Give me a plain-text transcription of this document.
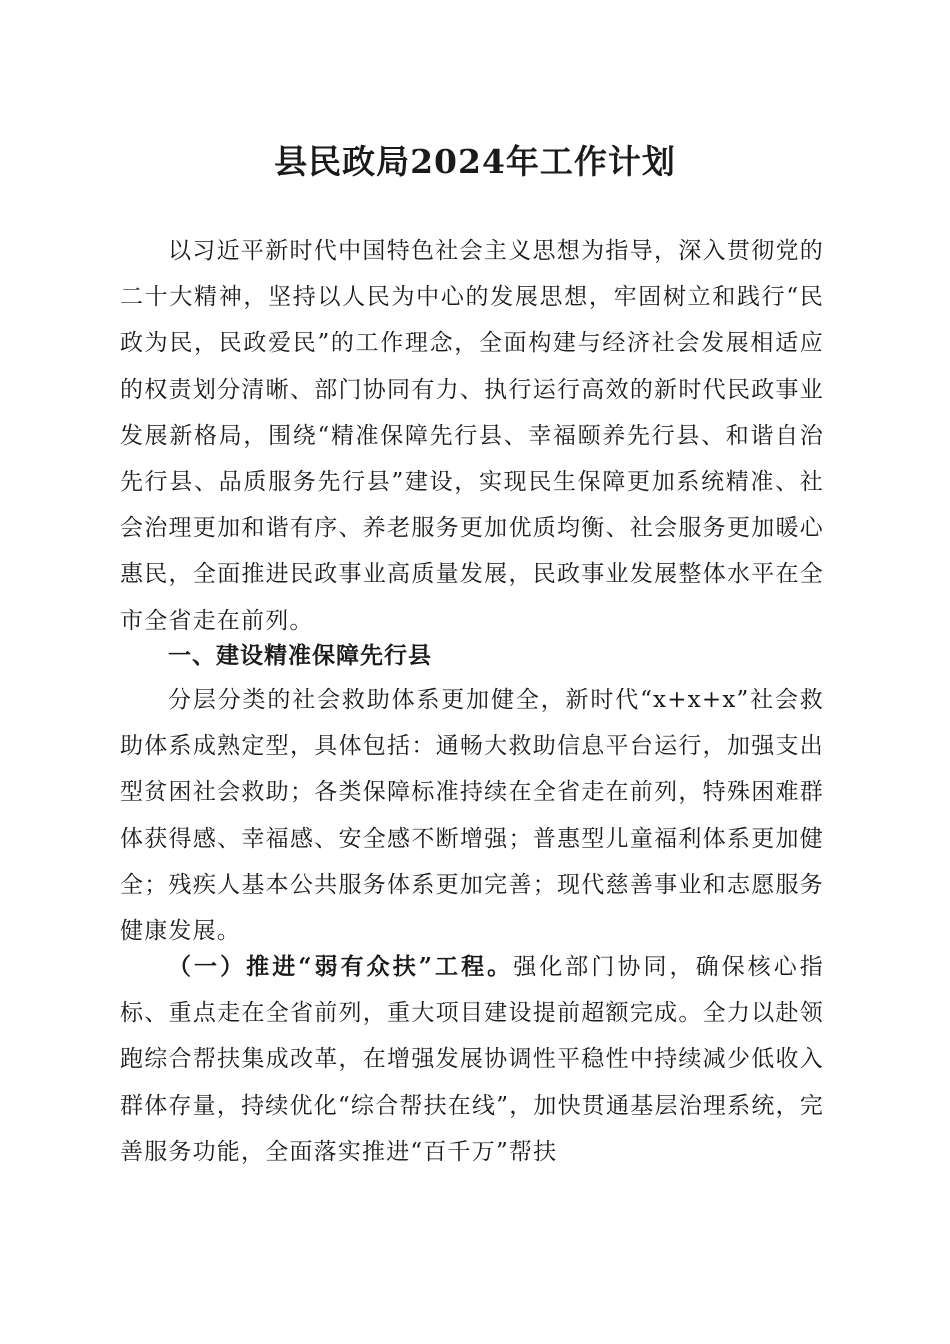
县民政局2024年工作计划

以习近平新时代中国特色社会主义思想为指导，深入贯彻党的二十大精神，坚持以人民为中心的发展思想，牢固树立和践行“民政为民，民政爱民”的工作理念，全面构建与经济社会发展相适应的权责划分清晰、部门协同有力、执行运行高效的新时代民政事业发展新格局，围绕“精准保障先行县、幸福颐养先行县、和谐自治先行县、品质服务先行县”建设，实现民生保障更加系统精准、社会治理更加和谐有序、养老服务更加优质均衡、社会服务更加暖心惠民，全面推进民政事业高质量发展，民政事业发展整体水平在全市全省走在前列。

一、建设精准保障先行县

分层分类的社会救助体系更加健全，新时代“x+x+x”社会救助体系成熟定型，具体包括：通畅大救助信息平台运行，加强支出型贫困社会救助；各类保障标准持续在全省走在前列，特殊困难群体获得感、幸福感、安全感不断增强；普惠型儿童福利体系更加健全；残疾人基本公共服务体系更加完善；现代慈善事业和志愿服务健康发展。

（一）推进“弱有众扶”工程。强化部门协同，确保核心指标、重点走在全省前列，重大项目建设提前超额完成。全力以赴领跑综合帮扶集成改革，在增强发展协调性平稳性中持续减少低收入群体存量，持续优化“综合帮扶在线”，加快贯通基层治理系统，完善服务功能，全面落实推进“百千万”帮扶
